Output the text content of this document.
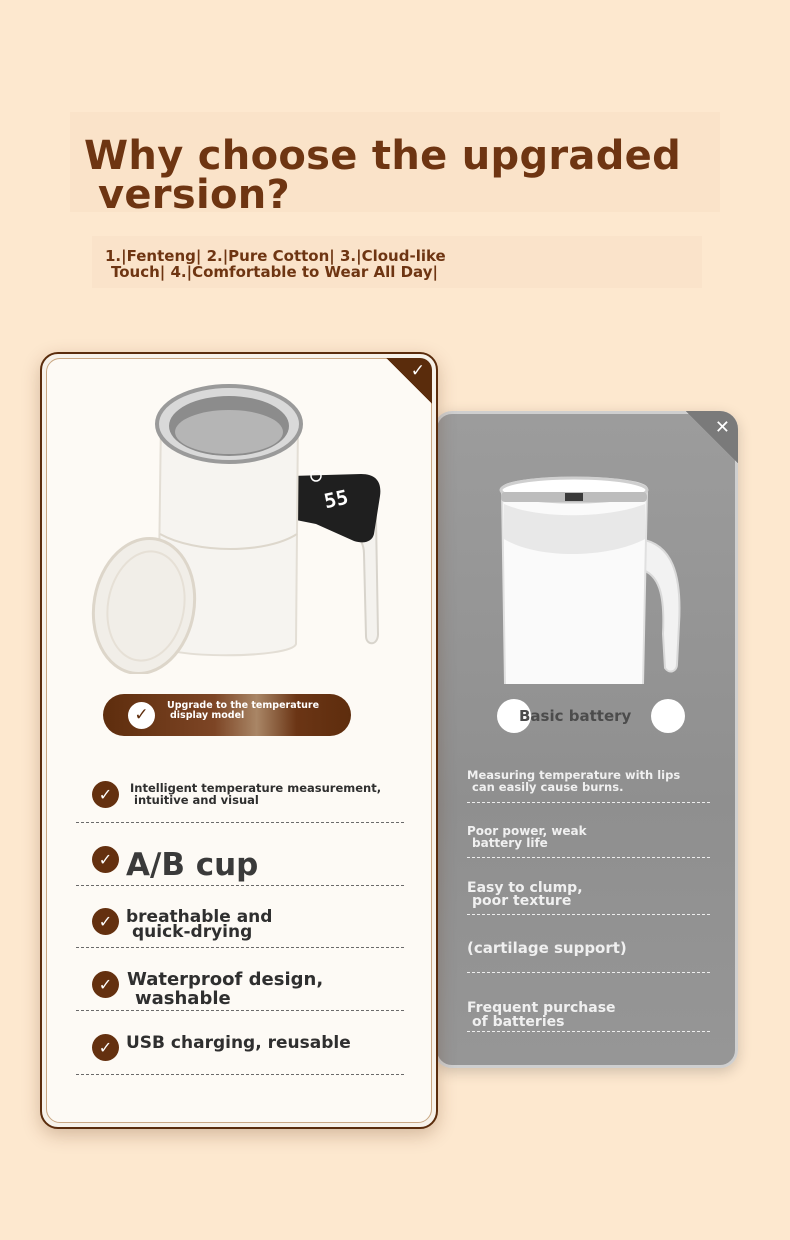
Why choose the upgraded
version?

1.|Fenteng| 2.|Pure Cotton| 3.|Cloud-like
Touch| 4.|Comfortable to Wear All Day|

✕
Basic battery
Measuring temperature with lips
can easily cause burns.
Poor power, weak
battery life
Easy to clump,
poor texture
(cartilage support)
Frequent purchase
of batteries
✓
55
✓	Upgrade to the temperature
display model
✓	Intelligent temperature measurement,
intuitive and visual
✓ A/B cup
✓ breathable and
quick-drying
✓ Waterproof design,
washable
✓ USB charging, reusable
